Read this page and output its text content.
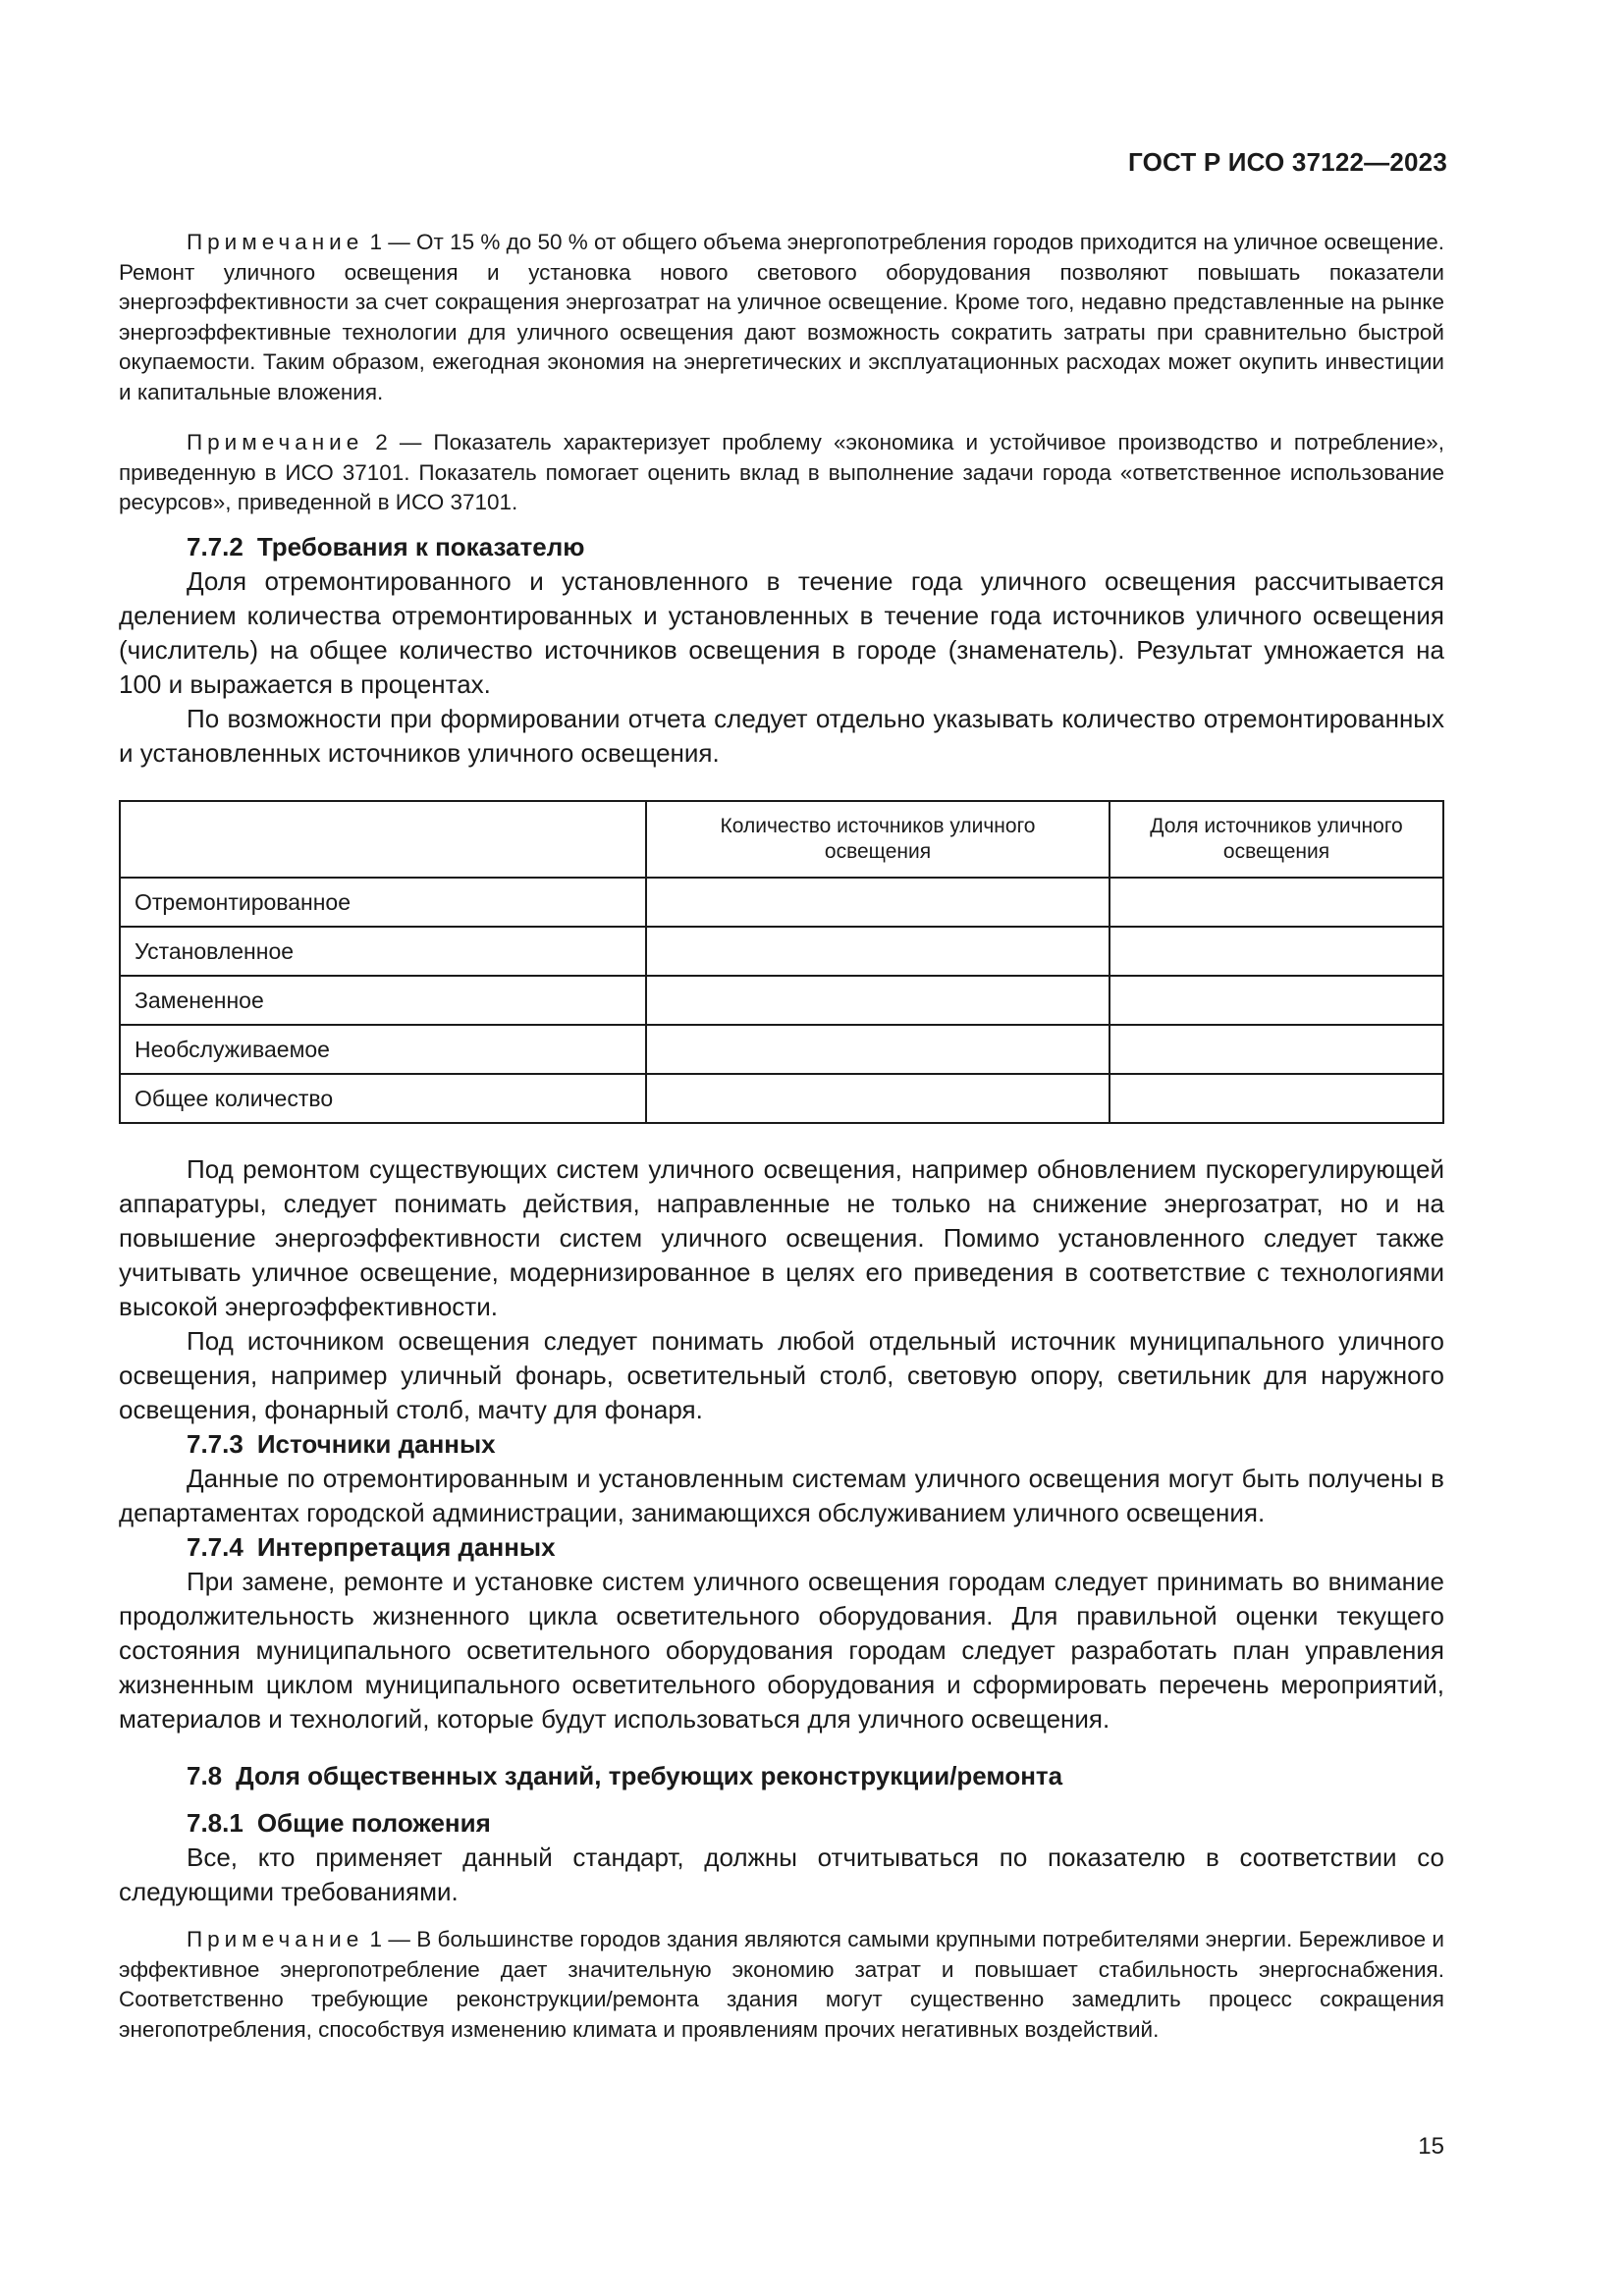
ГОСТ Р ИСО 37122—2023

Примечание 1 — От 15 % до 50 % от общего объема энергопотребления городов приходится на уличное освещение. Ремонт уличного освещения и установка нового светового оборудования позволяют повышать показатели энергоэффективности за счет сокращения энергозатрат на уличное освещение. Кроме того, недавно представленные на рынке энергоэффективные технологии для уличного освещения дают возможность сократить затраты при сравнительно быстрой окупаемости. Таким образом, ежегодная экономия на энергетических и эксплуатационных расходах может окупить инвестиции и капитальные вложения.

Примечание 2 — Показатель характеризует проблему «экономика и устойчивое производство и потребление», приведенную в ИСО 37101. Показатель помогает оценить вклад в выполнение задачи города «ответственное использование ресурсов», приведенной в ИСО 37101.

7.7.2 Требования к показателю

Доля отремонтированного и установленного в течение года уличного освещения рассчитывается делением количества отремонтированных и установленных в течение года источников уличного освещения (числитель) на общее количество источников освещения в городе (знаменатель). Результат умножается на 100 и выражается в процентах.

По возможности при формировании отчета следует отдельно указывать количество отремонтированных и установленных источников уличного освещения.

	Количество источников уличного освещения	Доля источников уличного освещения
Отремонтированное		
Установленное		
Замененное		
Необслуживаемое		
Общее количество		

Под ремонтом существующих систем уличного освещения, например обновлением пускорегулирующей аппаратуры, следует понимать действия, направленные не только на снижение энергозатрат, но и на повышение энергоэффективности систем уличного освещения. Помимо установленного следует также учитывать уличное освещение, модернизированное в целях его приведения в соответствие с технологиями высокой энергоэффективности.

Под источником освещения следует понимать любой отдельный источник муниципального уличного освещения, например уличный фонарь, осветительный столб, световую опору, светильник для наружного освещения, фонарный столб, мачту для фонаря.

7.7.3 Источники данных

Данные по отремонтированным и установленным системам уличного освещения могут быть получены в департаментах городской администрации, занимающихся обслуживанием уличного освещения.

7.7.4 Интерпретация данных

При замене, ремонте и установке систем уличного освещения городам следует принимать во внимание продолжительность жизненного цикла осветительного оборудования. Для правильной оценки текущего состояния муниципального осветительного оборудования городам следует разработать план управления жизненным циклом муниципального осветительного оборудования и сформировать перечень мероприятий, материалов и технологий, которые будут использоваться для уличного освещения.

7.8 Доля общественных зданий, требующих реконструкции/ремонта
7.8.1 Общие положения

Все, кто применяет данный стандарт, должны отчитываться по показателю в соответствии со следующими требованиями.

Примечание 1 — В большинстве городов здания являются самыми крупными потребителями энергии. Бережливое и эффективное энергопотребление дает значительную экономию затрат и повышает стабильность энергоснабжения. Соответственно требующие реконструкции/ремонта здания могут существенно замедлить процесс сокращения энегопотребления, способствуя изменению климата и проявлениям прочих негативных воздействий.

15
